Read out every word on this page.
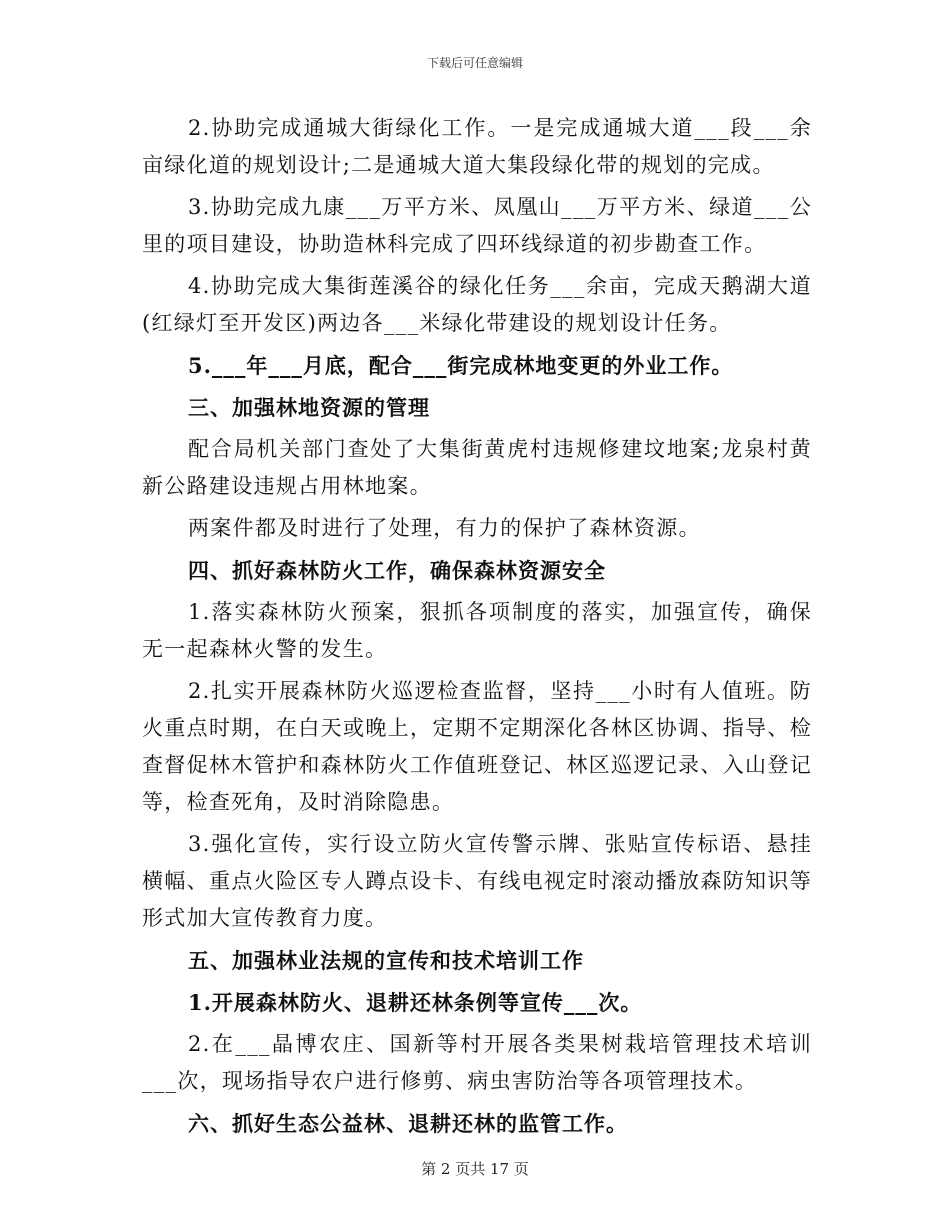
下载后可任意编辑

2.协助完成通城大街绿化工作。一是完成通城大道___段___余亩绿化道的规划设计;二是通城大道大集段绿化带的规划的完成。

3.协助完成九康___万平方米、凤凰山___万平方米、绿道___公里的项目建设，协助造林科完成了四环线绿道的初步勘查工作。

4.协助完成大集街莲溪谷的绿化任务___余亩，完成天鹅湖大道(红绿灯至开发区)两边各___米绿化带建设的规划设计任务。

5.___年___月底，配合___街完成林地变更的外业工作。

三、加强林地资源的管理

配合局机关部门查处了大集街黄虎村违规修建坟地案;龙泉村黄新公路建设违规占用林地案。

两案件都及时进行了处理，有力的保护了森林资源。

四、抓好森林防火工作，确保森林资源安全

1.落实森林防火预案，狠抓各项制度的落实，加强宣传，确保无一起森林火警的发生。

2.扎实开展森林防火巡逻检查监督，坚持___小时有人值班。防火重点时期，在白天或晚上，定期不定期深化各林区协调、指导、检查督促林木管护和森林防火工作值班登记、林区巡逻记录、入山登记等，检查死角，及时消除隐患。

3.强化宣传，实行设立防火宣传警示牌、张贴宣传标语、悬挂横幅、重点火险区专人蹲点设卡、有线电视定时滚动播放森防知识等形式加大宣传教育力度。

五、加强林业法规的宣传和技术培训工作

1.开展森林防火、退耕还林条例等宣传___次。

2.在___晶博农庄、国新等村开展各类果树栽培管理技术培训___次，现场指导农户进行修剪、病虫害防治等各项管理技术。

六、抓好生态公益林、退耕还林的监管工作。

第 2 页共 17 页
